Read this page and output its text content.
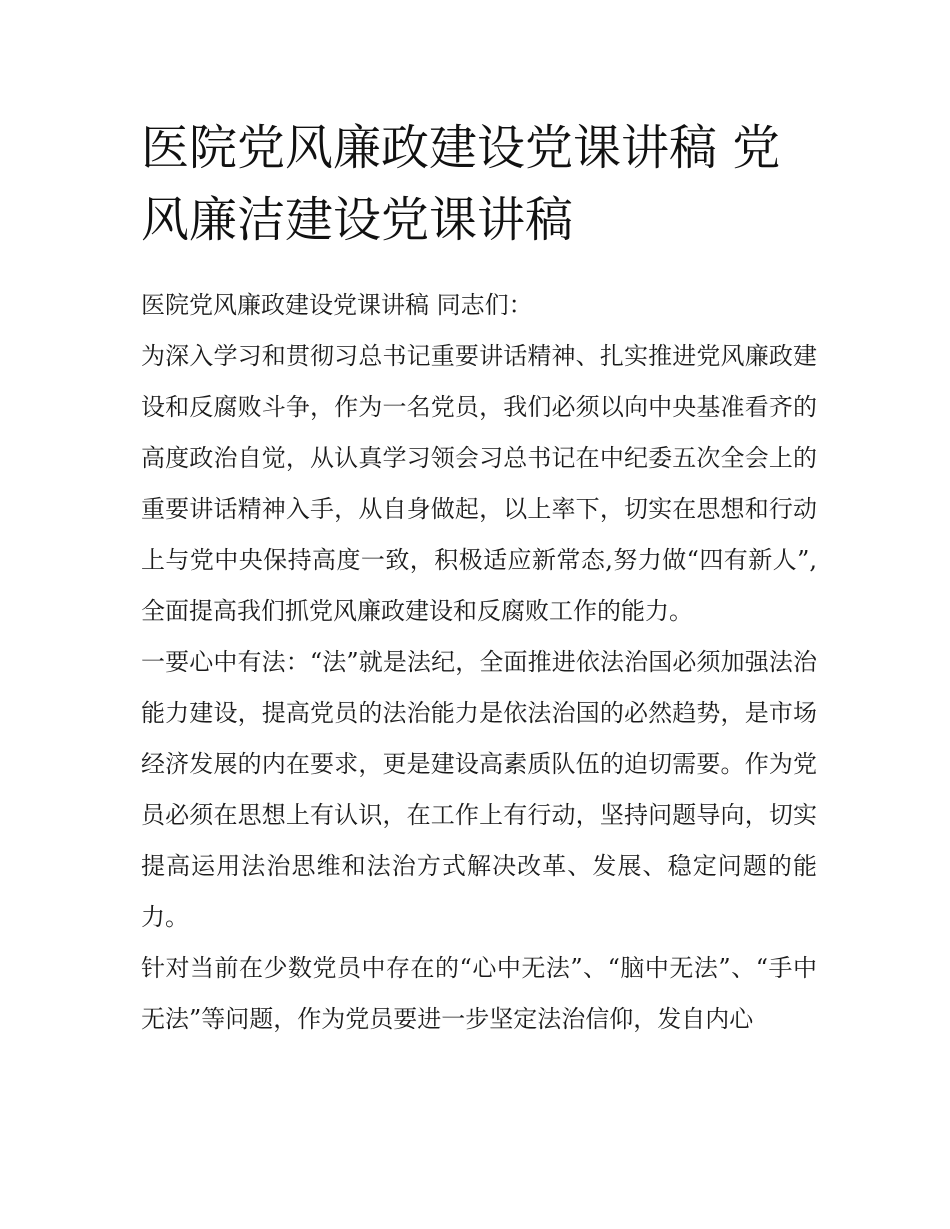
医院党风廉政建设党课讲稿 党风廉洁建设党课讲稿

医院党风廉政建设党课讲稿 同志们：

为深入学习和贯彻习总书记重要讲话精神、扎实推进党风廉政建设和反腐败斗争，作为一名党员，我们必须以向中央基准看齐的高度政治自觉，从认真学习领会习总书记在中纪委五次全会上的重要讲话精神入手，从自身做起，以上率下，切实在思想和行动上与党中央保持高度一致，积极适应新常态,努力做“四有新人”,全面提高我们抓党风廉政建设和反腐败工作的能力。

一要心中有法：“法”就是法纪，全面推进依法治国必须加强法治能力建设，提高党员的法治能力是依法治国的必然趋势，是市场经济发展的内在要求，更是建设高素质队伍的迫切需要。作为党员必须在思想上有认识，在工作上有行动，坚持问题导向，切实提高运用法治思维和法治方式解决改革、发展、稳定问题的能力。

针对当前在少数党员中存在的“心中无法”、“脑中无法”、“手中无法”等问题，作为党员要进一步坚定法治信仰，发自内心
